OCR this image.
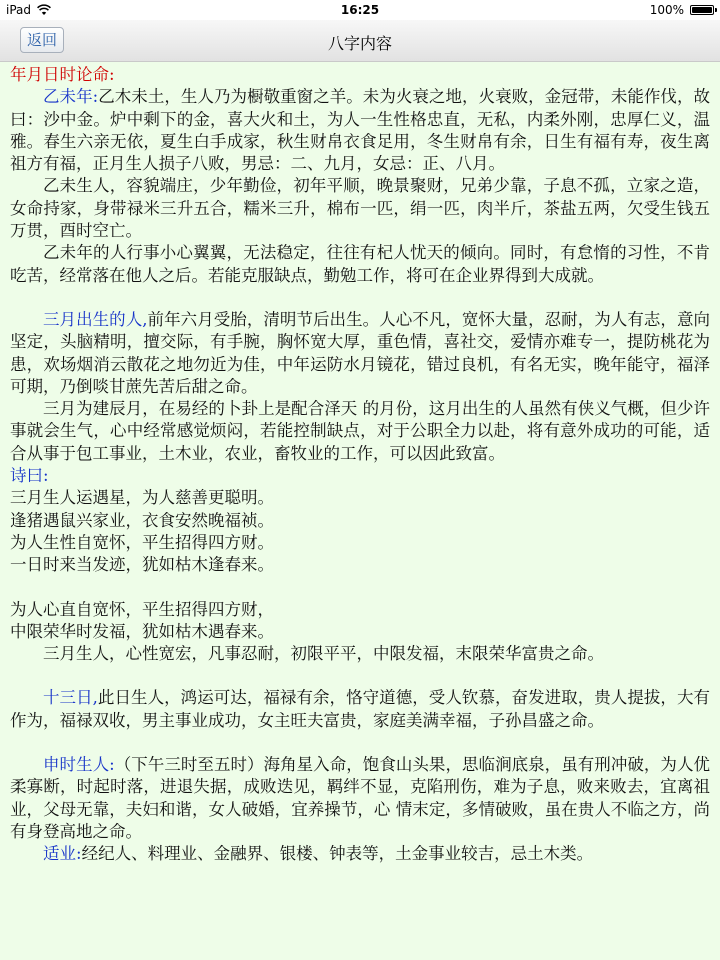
iPad	16:25	100%
返回	八字内容

年月日时论命:

乙未年:乙木未土，生人乃为橱敬重窗之羊。未为火衰之地，火衰败，金冠带，未能作伐，故曰：沙中金。炉中剩下的金，喜大火和土，为人一生性格忠直，无私，内柔外刚，忠厚仁义，温雅。春生六亲无依，夏生白手成家，秋生财帛衣食足用，冬生财帛有余，日生有福有寿，夜生离祖方有福，正月生人损子八败，男忌：二、九月，女忌：正、八月。

乙未生人，容貌端庄，少年勤俭，初年平顺，晚景聚财，兄弟少靠，子息不孤，立家之造，女命持家，身带禄米三升五合，糯米三升，棉布一匹，绢一匹，肉半斤，茶盐五两，欠受生钱五万贯，酉时空亡。

乙未年的人行事小心翼翼，无法稳定，往往有杞人忧天的倾向。同时，有怠惰的习性，不肯吃苦，经常落在他人之后。若能克服缺点，勤勉工作，将可在企业界得到大成就。

三月出生的人,前年六月受胎，清明节后出生。人心不凡，宽怀大量，忍耐，为人有志，意向坚定，头脑精明，擅交际，有手腕，胸怀宽大厚，重色情，喜社交，爱情亦难专一，提防桃花为患，欢场烟消云散花之地勿近为佳，中年运防水月镜花，错过良机，有名无实，晚年能守，福泽可期，乃倒啖甘蔗先苦后甜之命。

三月为建辰月，在易经的卜卦上是配合泽天 的月份，这月出生的人虽然有侠义气概，但少许事就会生气，心中经常感觉烦闷，若能控制缺点，对于公职全力以赴，将有意外成功的可能，适合从事于包工事业，土木业，农业，畜牧业的工作，可以因此致富。

诗曰:

三月生人运遇星，为人慈善更聪明。

逢猪遇鼠兴家业，衣食安然晚福祯。

为人生性自宽怀，平生招得四方财。

一日时来当发迹，犹如枯木逢春来。

为人心直自宽怀，平生招得四方财，

中限荣华时发福，犹如枯木遇春来。

三月生人，心性宽宏，凡事忍耐，初限平平，中限发福，末限荣华富贵之命。

十三日,此日生人，鸿运可达，福禄有余，恪守道德，受人钦慕，奋发进取，贵人提拔，大有作为，福禄双收，男主事业成功，女主旺夫富贵，家庭美满幸福，子孙昌盛之命。

申时生人:（下午三时至五时）海角星入命，饱食山头果，思临涧底泉，虽有刑冲破，为人优柔寡断，时起时落，进退失据，成败迭见，羁绊不显，克陷刑伤，难为子息，败来败去，宜离祖业，父母无靠，夫妇和谐，女人破婚，宜养操节，心 情末定，多情破败，虽在贵人不临之方，尚有身登高地之命。

适业:经纪人、料理业、金融界、银楼、钟表等，土金事业较吉，忌土木类。
